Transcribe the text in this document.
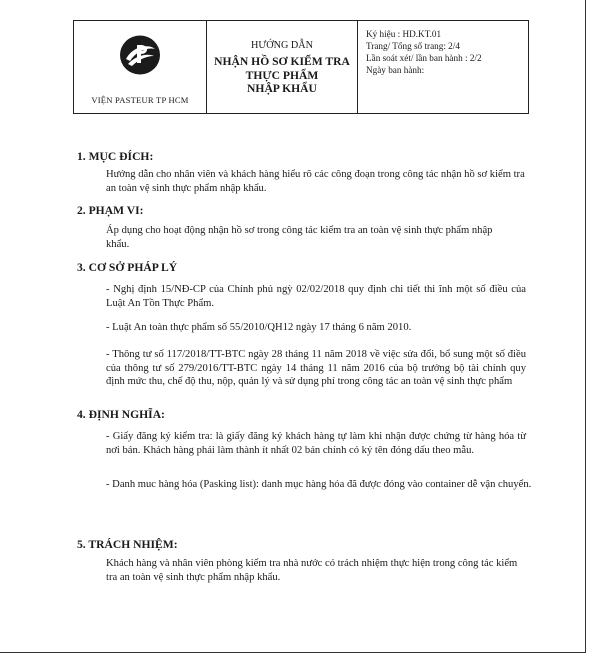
VIỆN PASTEUR TP HCM
HƯỚNG DẪN
NHẬN HỒ SƠ KIỂM TRA
THỰC PHẨM
NHẬP KHẨU
Ký hiệu : HD.KT.01
Trang/ Tổng số trang: 2/4
Lần soát xét/ lần ban hành : 2/2
Ngày ban hành:
1. MỤC ĐÍCH:
Hướng dẫn cho nhân viên và khách hàng hiểu rõ các công đoạn trong công tác nhận hồ sơ kiểm tra an toàn vệ sinh thực phẩm nhập khẩu.
2. PHẠM VI:
Áp dụng cho hoạt động nhận hồ sơ trong công tác kiểm tra an toàn vệ sinh thực phẩm nhập khẩu.
3. CƠ SỞ PHÁP LÝ
- Nghị định 15/NĐ-CP của Chính phủ ngỳ 02/02/2018 quy định chi tiết thi ĩnh một số điều của Luật An Tồn Thực Phẩm.
- Luật An toàn thực phẩm số 55/2010/QH12 ngày 17 tháng 6 năm 2010.
- Thông tư số 117/2018/TT-BTC ngày 28 tháng 11 năm 2018 về việc sửa đổi, bổ sung một số điều của thông tư số 279/2016/TT-BTC ngày 14 tháng 11 năm 2016 của bộ trưởng bộ tài chính quy định mức thu, chế độ thu, nộp, quản lý và sử dụng phí trong công tác an toàn vệ sinh thực phẩm
4. ĐỊNH NGHĨA:
- Giấy đăng ký kiểm tra: là giấy đăng ký khách hàng tự làm khi nhận được chứng từ hàng hóa từ nơi bán. Khách hàng phải làm thành ít nhất 02 bản chính có ký tên đóng dấu theo mẫu.
- Danh muc hàng hóa (Pasking list): danh mục hàng hóa đã được đóng vào container dễ vận chuyển.
5. TRÁCH NHIỆM:
Khách hàng và nhân viên phòng kiểm tra nhà nước có trách nhiệm thực hiện trong công tác kiểm tra an toàn vệ sinh thực phẩm nhập khẩu.
